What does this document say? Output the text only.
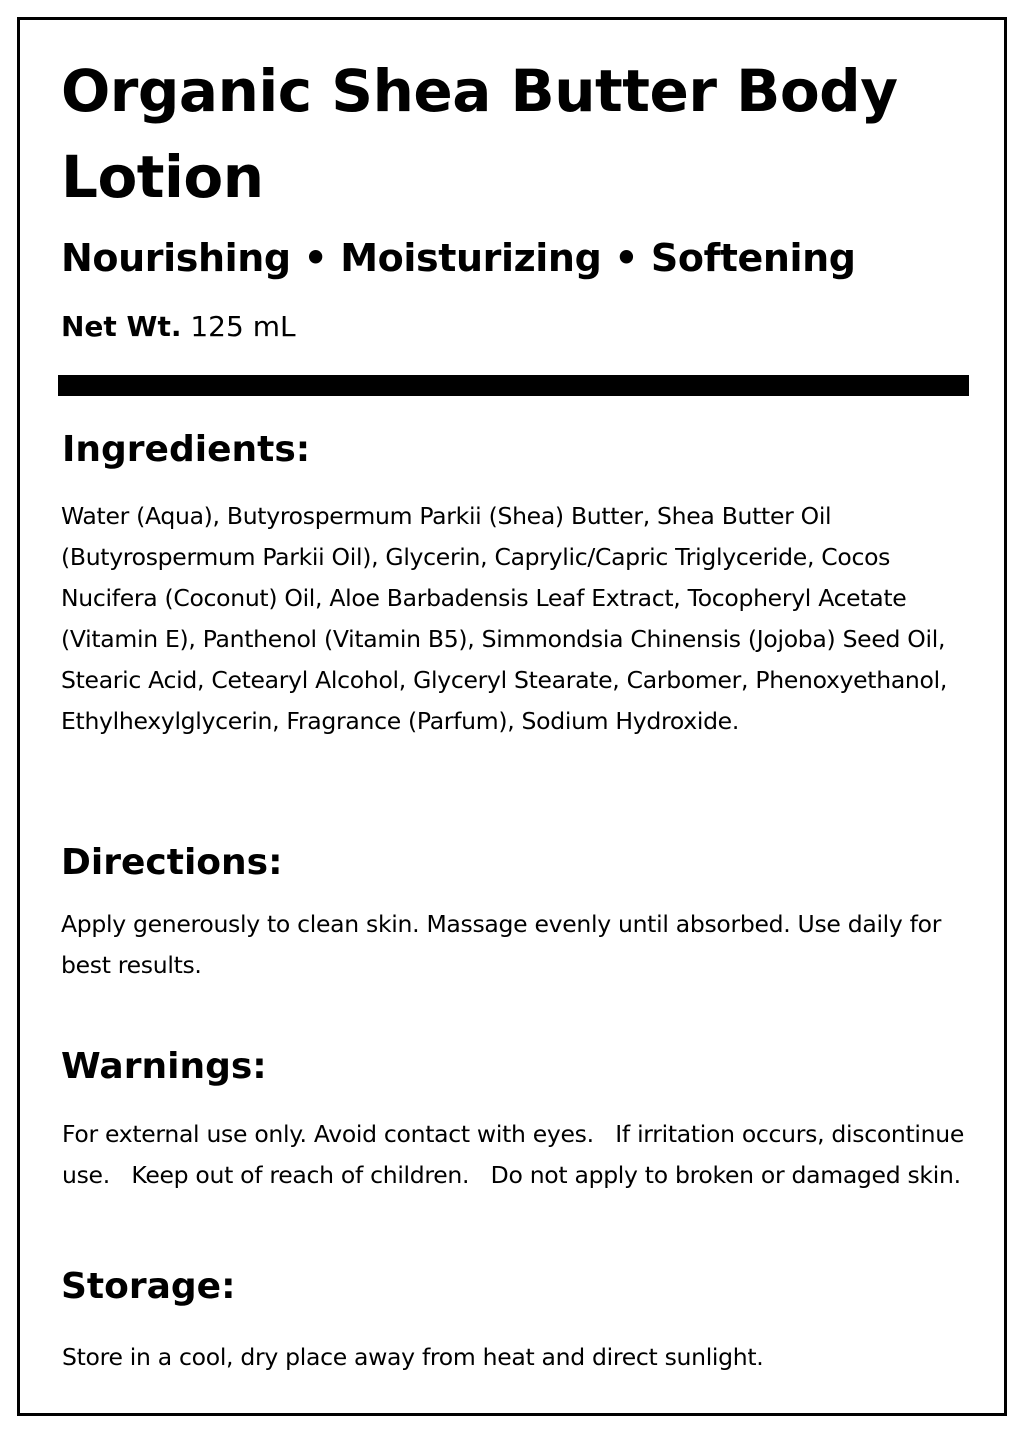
Organic Shea Butter Body Lotion
Nourishing • Moisturizing • Softening
Net Wt. 125 mL
Ingredients:

Water (Aqua), Butyrospermum Parkii (Shea) Butter, Shea Butter Oil (Butyrospermum Parkii Oil), Glycerin, Caprylic/Capric Triglyceride, Cocos Nucifera (Coconut) Oil, Aloe Barbadensis Leaf Extract, Tocopheryl Acetate (Vitamin E), Panthenol (Vitamin B5), Simmondsia Chinensis (Jojoba) Seed Oil, Stearic Acid, Cetearyl Alcohol, Glyceryl Stearate, Carbomer, Phenoxyethanol, Ethylhexylglycerin, Fragrance (Parfum), Sodium Hydroxide.

Directions:

Apply generously to clean skin. Massage evenly until absorbed. Use daily for best results.

Warnings:

For external use only. Avoid contact with eyes.   If irritation occurs, discontinue use.   Keep out of reach of children.   Do not apply to broken or damaged skin.

Storage:

Store in a cool, dry place away from heat and direct sunlight.
